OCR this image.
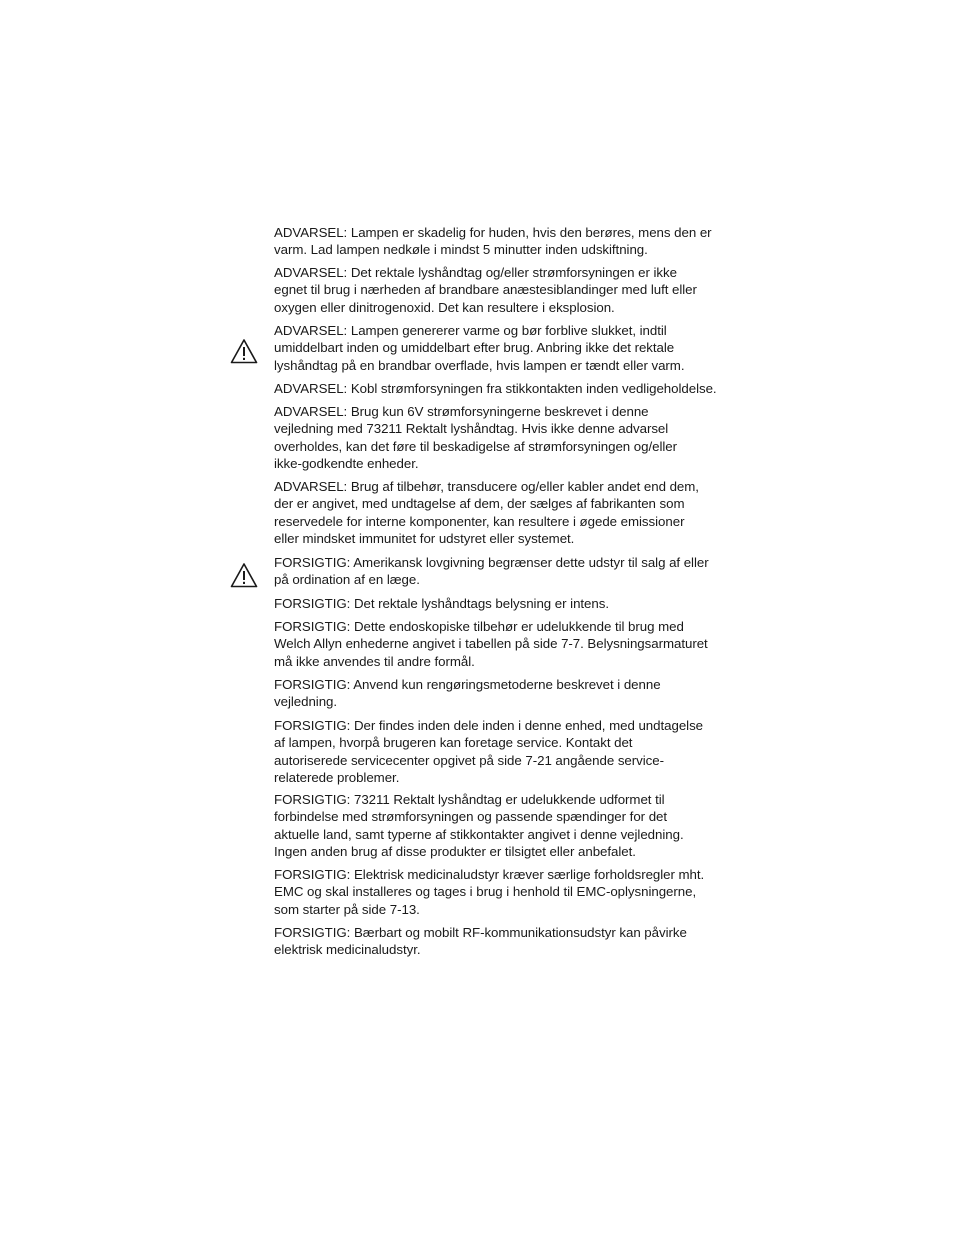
ADVARSEL: Lampen er skadelig for huden, hvis den berøres, mens den er
varm. Lad lampen nedkøle i mindst 5 minutter inden udskiftning.

ADVARSEL: Det rektale lyshåndtag og/eller strømforsyningen er ikke
egnet til brug i nærheden af brandbare anæstesiblandinger med luft eller
oxygen eller dinitrogenoxid. Det kan resultere i eksplosion.

ADVARSEL: Lampen genererer varme og bør forblive slukket, indtil
umiddelbart inden og umiddelbart efter brug. Anbring ikke det rektale
lyshåndtag på en brandbar overflade, hvis lampen er tændt eller varm.

ADVARSEL: Kobl strømforsyningen fra stikkontakten inden vedligeholdelse.

ADVARSEL: Brug kun 6V strømforsyningerne beskrevet i denne
vejledning med 73211 Rektalt lyshåndtag. Hvis ikke denne advarsel
overholdes, kan det føre til beskadigelse af strømforsyningen og/eller
ikke-godkendte enheder.

ADVARSEL: Brug af tilbehør, transducere og/eller kabler andet end dem,
der er angivet, med undtagelse af dem, der sælges af fabrikanten som
reservedele for interne komponenter, kan resultere i øgede emissioner
eller mindsket immunitet for udstyret eller systemet.

FORSIGTIG: Amerikansk lovgivning begrænser dette udstyr til salg af eller
på ordination af en læge.

FORSIGTIG: Det rektale lyshåndtags belysning er intens.

FORSIGTIG: Dette endoskopiske tilbehør er udelukkende til brug med
Welch Allyn enhederne angivet i tabellen på side 7-7. Belysningsarmaturet
må ikke anvendes til andre formål.

FORSIGTIG: Anvend kun rengøringsmetoderne beskrevet i denne
vejledning.

FORSIGTIG: Der findes inden dele inden i denne enhed, med undtagelse
af lampen, hvorpå brugeren kan foretage service. Kontakt det
autoriserede servicecenter opgivet på side 7-21 angående service-
relaterede problemer.

FORSIGTIG: 73211 Rektalt lyshåndtag er udelukkende udformet til
forbindelse med strømforsyningen og passende spændinger for det
aktuelle land, samt typerne af stikkontakter angivet i denne vejledning.
Ingen anden brug af disse produkter er tilsigtet eller anbefalet.

FORSIGTIG: Elektrisk medicinaludstyr kræver særlige forholdsregler mht.
EMC og skal installeres og tages i brug i henhold til EMC-oplysningerne,
som starter på side 7-13.

FORSIGTIG: Bærbart og mobilt RF-kommunikationsudstyr kan påvirke
elektrisk medicinaludstyr.
